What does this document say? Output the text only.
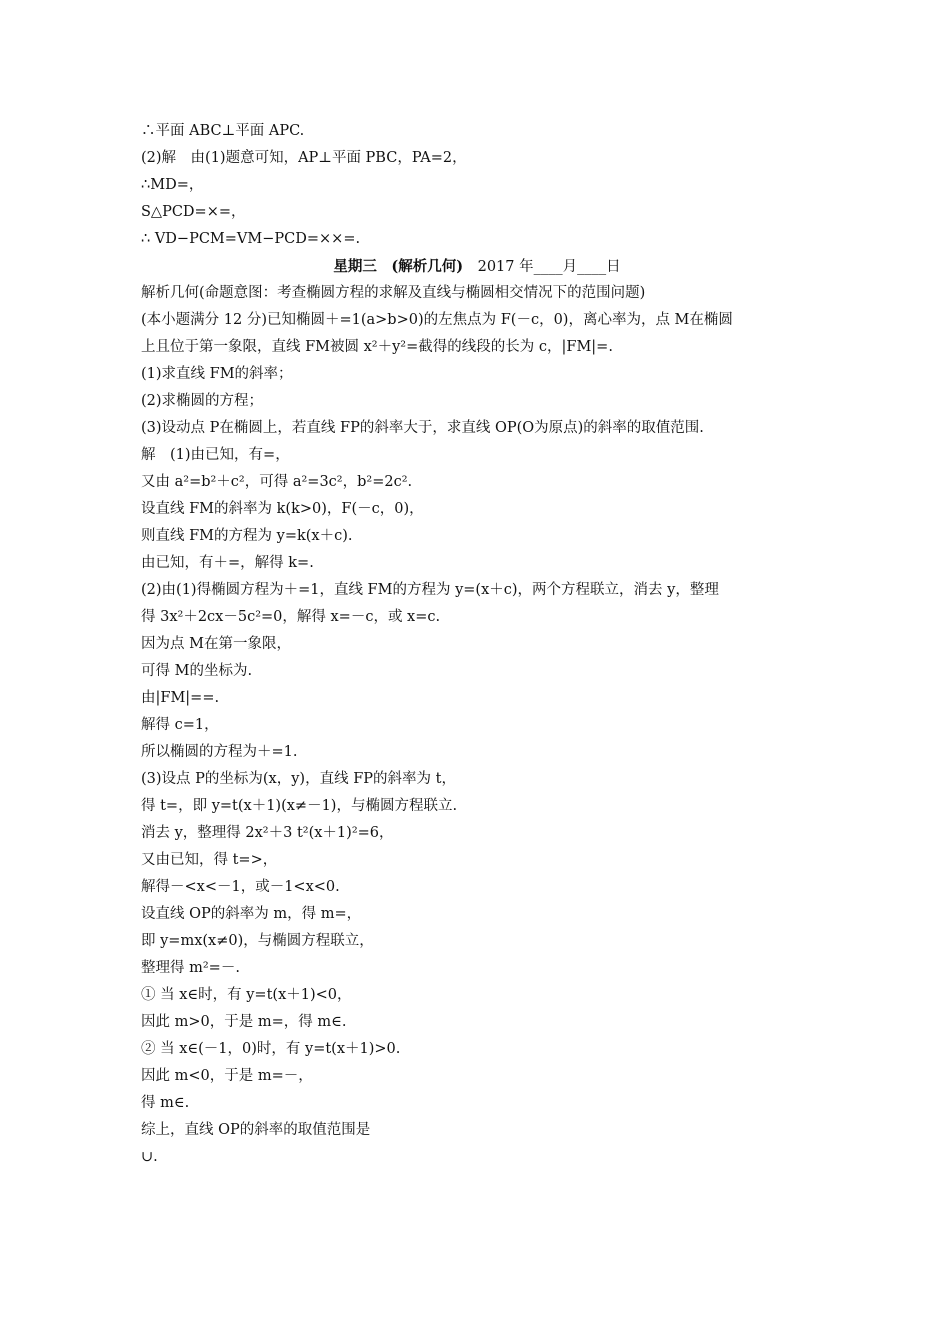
∴平面 ABC⊥平面 APC.
(2)解　由(1)题意可知，AP⊥平面 PBC，PA=2，
∴MD=，
S△PCD=×=，
∴ VD−PCM=VM−PCD=××=.
星期三　 (解析几何)　 2017 年____月____日
解析几何(命题意图：考查椭圆方程的求解及直线与椭圆相交情况下的范围问题)
(本小题满分 12 分)已知椭圆＋=1(a>b>0)的左焦点为 F(－c，0)，离心率为，点 M在椭圆
上且位于第一象限，直线 FM被圆 x²＋y²=截得的线段的长为 c，|FM|=.
(1)求直线 FM的斜率；
(2)求椭圆的方程；
(3)设动点 P在椭圆上，若直线 FP的斜率大于，求直线 OP(O为原点)的斜率的取值范围.
解　(1)由已知，有=，
又由 a²=b²＋c²，可得 a²=3c²，b²=2c².
设直线 FM的斜率为 k(k>0)，F(－c，0)，
则直线 FM的方程为 y=k(x＋c).
由已知，有＋=，解得 k=.
(2)由(1)得椭圆方程为＋=1，直线 FM的方程为 y=(x＋c)，两个方程联立，消去 y，整理
得 3x²＋2cx－5c²=0，解得 x=－c，或 x=c.
因为点 M在第一象限，
可得 M的坐标为.
由|FM|==.
解得 c=1，
所以椭圆的方程为＋=1.
(3)设点 P的坐标为(x，y)，直线 FP的斜率为 t，
得 t=，即 y=t(x＋1)(x≠－1)，与椭圆方程联立.
消去 y，整理得 2x²＋3 t²(x＋1)²=6，
又由已知，得 t=>，
解得－<x<－1，或－1<x<0.
设直线 OP的斜率为 m，得 m=，
即 y=mx(x≠0)，与椭圆方程联立，
整理得 m²=－.
① 当 x∈时，有 y=t(x＋1)<0，
因此 m>0，于是 m=，得 m∈.
② 当 x∈(－1，0)时，有 y=t(x＋1)>0.
因此 m<0，于是 m=－，
得 m∈.
综上，直线 OP的斜率的取值范围是
∪.
